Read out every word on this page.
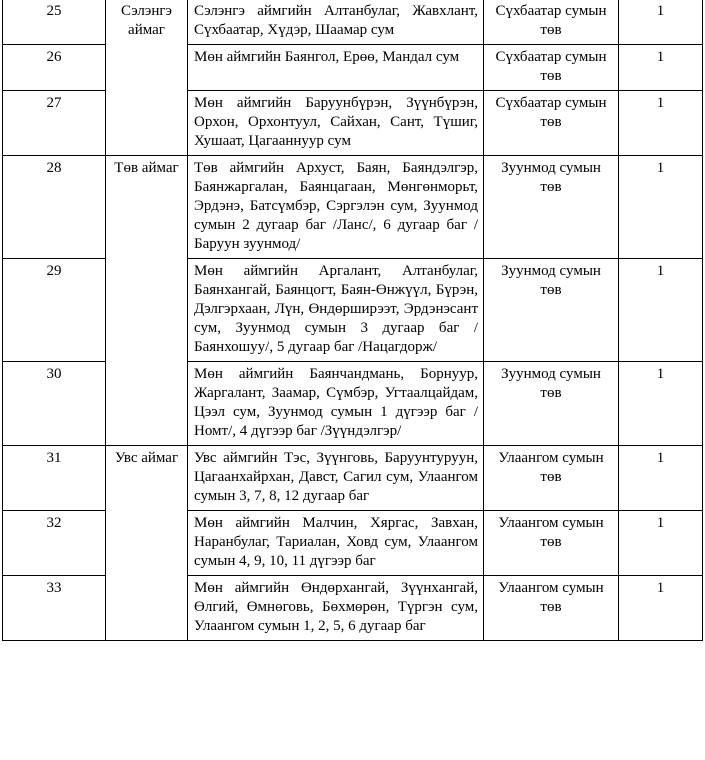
25	Сэлэнгэ аймаг	Сэлэнгэ аймгийн Алтанбулаг, Жавхлант, Сүхбаатар, Хүдэр, Шаамар сум	Сүхбаатар сумын төв	1
26		Мөн аймгийн Баянгол, Ерөө, Мандал сум	Сүхбаатар сумын төв	1
27		Мөн аймгийн Баруунбүрэн, Зүүнбүрэн, Орхон, Орхонтуул, Сайхан, Сант, Түшиг, Хушаат, Цагааннуур сум	Сүхбаатар сумын төв	1
28	Төв аймаг	Төв аймгийн Архуст, Баян, Баяндэлгэр, Баянжаргалан, Баянцагаан, Мөнгөнморьт, Эрдэнэ, Батсүмбэр, Сэргэлэн сум, Зуунмод сумын 2 дугаар баг /Ланс/, 6 дугаар баг /Баруун зуунмод/	Зуунмод сумын төв	1
29		Мөн аймгийн Аргалант, Алтанбулаг, Баянхангай, Баянцогт, Баян-Өнжүүл, Бүрэн, Дэлгэрхаан, Лүн, Өндөрширээт, Эрдэнэсант сум, Зуунмод сумын 3 дугаар баг /Баянхошуу/, 5 дугаар баг /Нацагдорж/	Зуунмод сумын төв	1
30		Мөн аймгийн Баянчандмань, Борнуур, Жаргалант, Заамар, Сүмбэр, Угтаалцайдам, Цээл сум, Зуунмод сумын 1 дүгээр баг /Номт/, 4 дүгээр баг /Зүүндэлгэр/	Зуунмод сумын төв	1
31	Увс аймаг	Увс аймгийн Тэс, Зүүнговь, Баруунтуруун, Цагаанхайрхан, Давст, Сагил сум, Улаангом сумын 3, 7, 8, 12 дугаар баг	Улаангом сумын төв	1
32		Мөн аймгийн Малчин, Хяргас, Завхан, Наранбулаг, Тариалан, Ховд сум, Улаангом сумын 4, 9, 10, 11 дүгээр баг	Улаангом сумын төв	1
33		Мөн аймгийн Өндөрхангай, Зүүнхангай, Өлгий, Өмнөговь, Бөхмөрөн, Түргэн сум, Улаангом сумын 1, 2, 5, 6 дугаар баг	Улаангом сумын төв	1
